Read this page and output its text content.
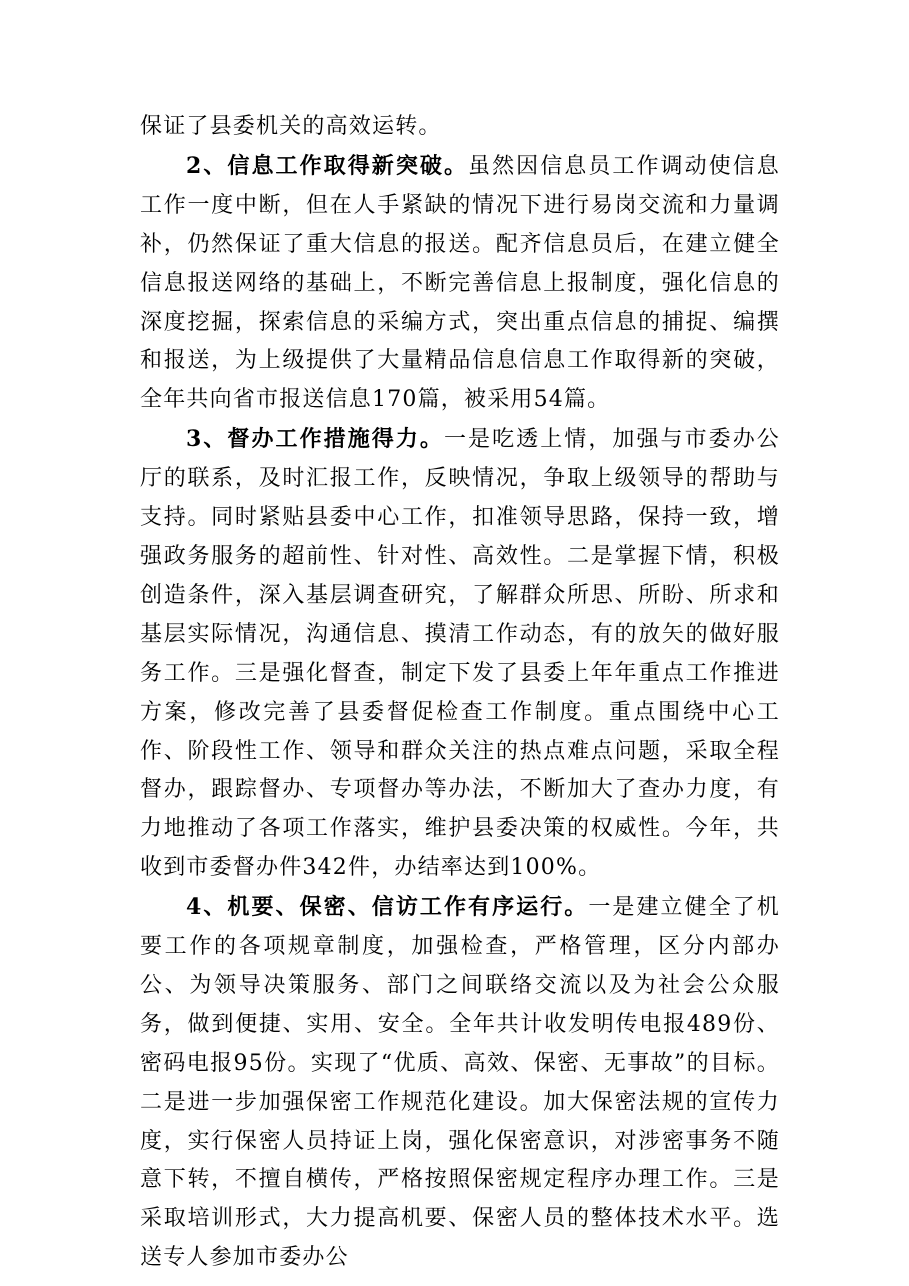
保证了县委机关的高效运转。

2、信息工作取得新突破。虽然因信息员工作调动使信息工作一度中断，但在人手紧缺的情况下进行易岗交流和力量调补，仍然保证了重大信息的报送。配齐信息员后，在建立健全信息报送网络的基础上，不断完善信息上报制度，强化信息的深度挖掘，探索信息的采编方式，突出重点信息的捕捉、编撰和报送，为上级提供了大量精品信息信息工作取得新的突破，全年共向省市报送信息170篇，被采用54篇。

3、督办工作措施得力。一是吃透上情，加强与市委办公厅的联系，及时汇报工作，反映情况，争取上级领导的帮助与支持。同时紧贴县委中心工作，扣准领导思路，保持一致，增强政务服务的超前性、针对性、高效性。二是掌握下情，积极创造条件，深入基层调查研究，了解群众所思、所盼、所求和基层实际情况，沟通信息、摸清工作动态，有的放矢的做好服务工作。三是强化督查，制定下发了县委上年年重点工作推进方案，修改完善了县委督促检查工作制度。重点围绕中心工作、阶段性工作、领导和群众关注的热点难点问题，采取全程督办，跟踪督办、专项督办等办法，不断加大了查办力度，有力地推动了各项工作落实，维护县委决策的权威性。今年，共收到市委督办件342件，办结率达到100%。

4、机要、保密、信访工作有序运行。一是建立健全了机要工作的各项规章制度，加强检查，严格管理，区分内部办公、为领导决策服务、部门之间联络交流以及为社会公众服务，做到便捷、实用、安全。全年共计收发明传电报489份、密码电报95份。实现了“优质、高效、保密、无事故”的目标。二是进一步加强保密工作规范化建设。加大保密法规的宣传力度，实行保密人员持证上岗，强化保密意识，对涉密事务不随意下转，不擅自横传，严格按照保密规定程序办理工作。三是采取培训形式，大力提高机要、保密人员的整体技术水平。选送专人参加市委办公
